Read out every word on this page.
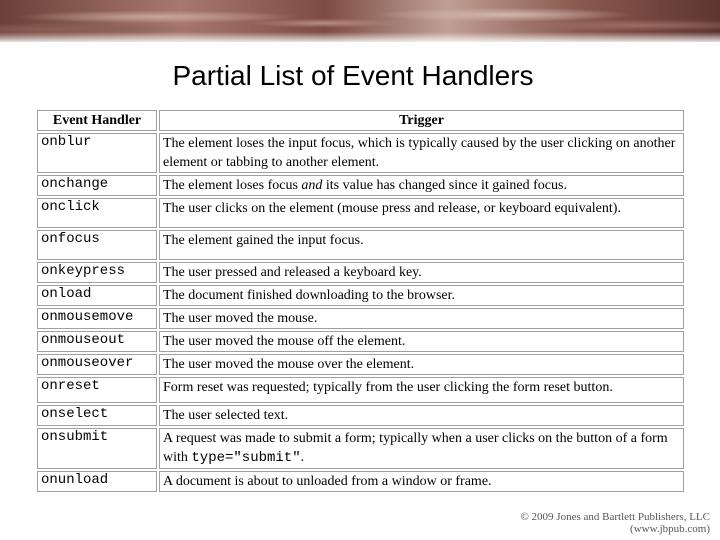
Partial List of Event Handlers
Event Handler	Trigger
onblur	The element loses the input focus, which is typically caused by the user clicking on another element or tabbing to another element.
onchange	The element loses focus and its value has changed since it gained focus.
onclick	The user clicks on the element (mouse press and release, or keyboard equivalent).
onfocus	The element gained the input focus.
onkeypress	The user pressed and released a keyboard key.
onload	The document finished downloading to the browser.
onmousemove	The user moved the mouse.
onmouseout	The user moved the mouse off the element.
onmouseover	The user moved the mouse over the element.
onreset	Form reset was requested; typically from the user clicking the form reset button.
onselect	The user selected text.
onsubmit	A request was made to submit a form; typically when a user clicks on the button of a form with type="submit".
onunload	A document is about to unloaded from a window or frame.
© 2009 Jones and Bartlett Publishers, LLC (www.jbpub.com)
